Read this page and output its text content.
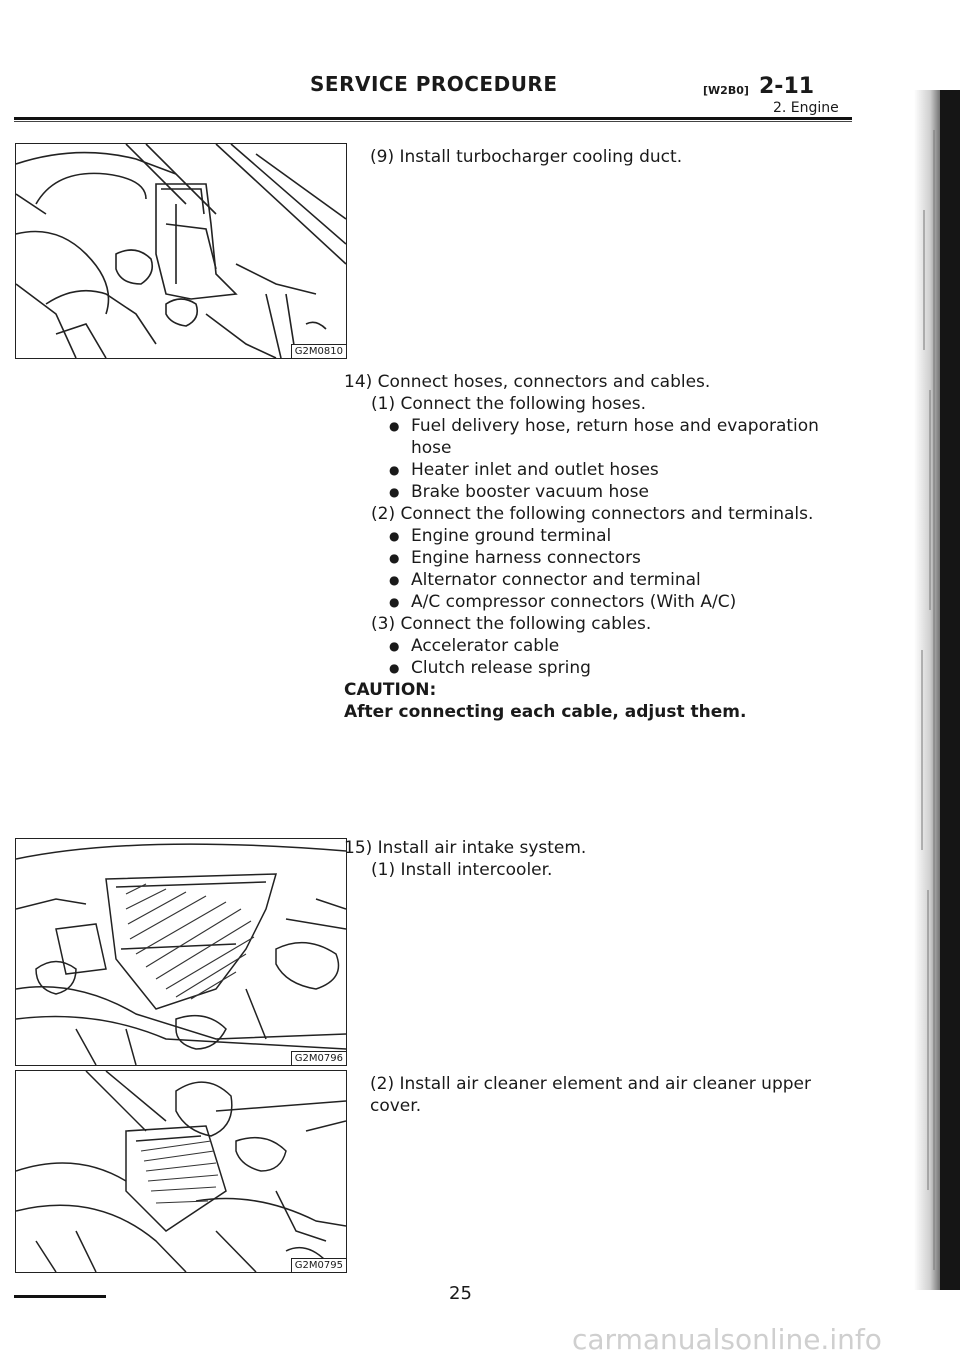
SERVICE PROCEDURE	[W2B0] 2-11
2. Engine
G2M0810
G2M0796
G2M0795
(9) Install turbocharger cooling duct.
14) Connect hoses, connectors and cables.
(1) Connect the following hoses.
● Fuel delivery hose, return hose and evaporation
hose
● Heater inlet and outlet hoses
● Brake booster vacuum hose
(2) Connect the following connectors and terminals.
● Engine ground terminal
● Engine harness connectors
● Alternator connector and terminal
● A/C compressor connectors (With A/C)
(3) Connect the following cables.
● Accelerator cable
● Clutch release spring
CAUTION:
After connecting each cable, adjust them.
15) Install air intake system.
(1) Install intercooler.
(2) Install air cleaner element and air cleaner upper
cover.
25
carmanualsonline.info
